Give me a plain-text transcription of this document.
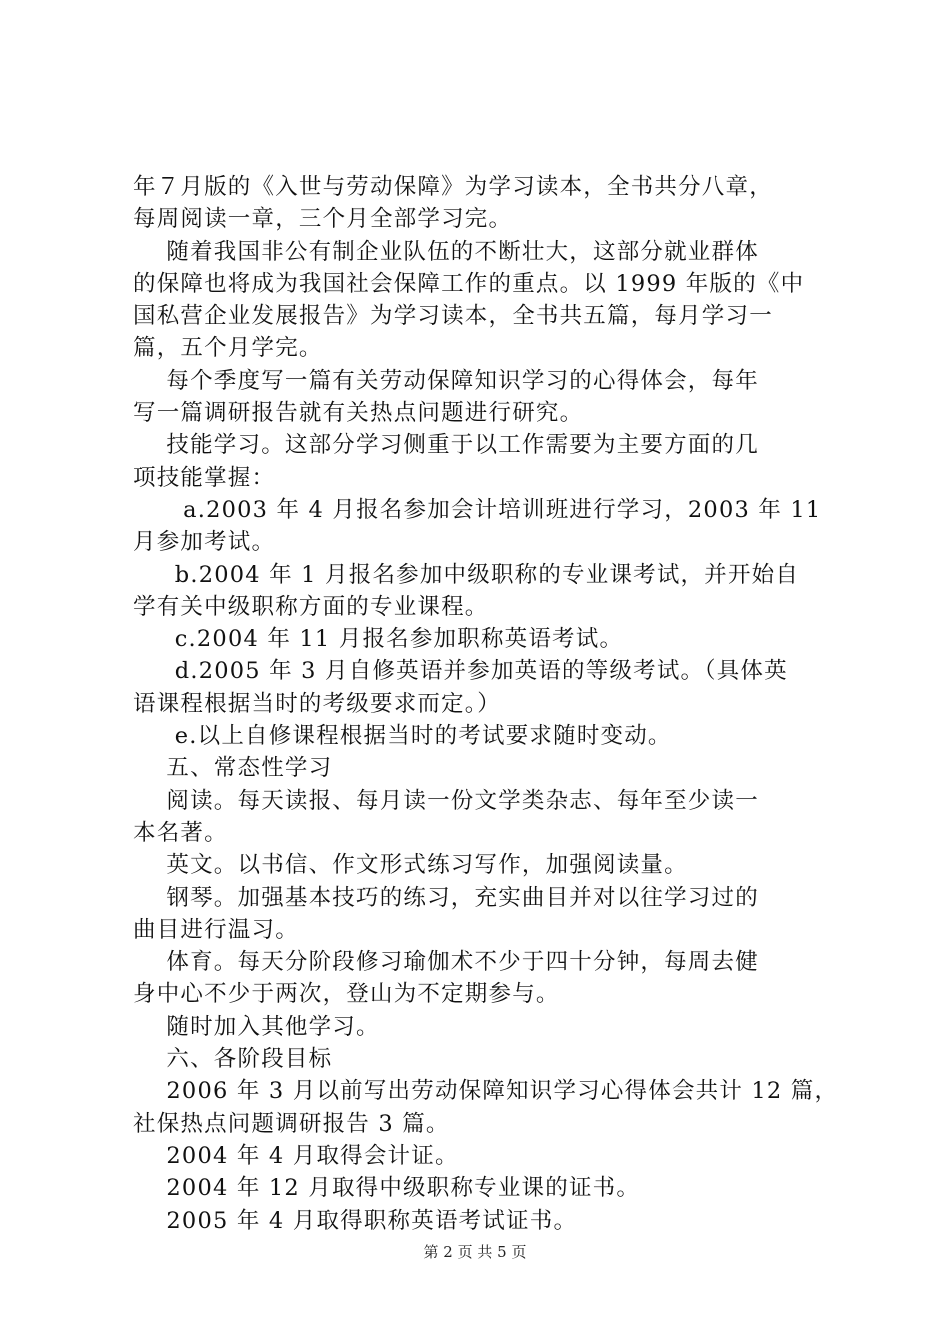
年７月版的《入世与劳动保障》为学习读本，全书共分八章，
每周阅读一章，三个月全部学习完。
随着我国非公有制企业队伍的不断壮大，这部分就业群体
的保障也将成为我国社会保障工作的重点。以 1999 年版的《中
国私营企业发展报告》为学习读本，全书共五篇，每月学习一
篇，五个月学完。
每个季度写一篇有关劳动保障知识学习的心得体会，每年
写一篇调研报告就有关热点问题进行研究。
技能学习。这部分学习侧重于以工作需要为主要方面的几
项技能掌握：
a.2003 年 4 月报名参加会计培训班进行学习，2003 年 11
月参加考试。
b.2004 年 1 月报名参加中级职称的专业课考试，并开始自
学有关中级职称方面的专业课程。
c.2004 年 11 月报名参加职称英语考试。
d.2005 年 3 月自修英语并参加英语的等级考试。（具体英
语课程根据当时的考级要求而定。）
e.以上自修课程根据当时的考试要求随时变动。
五、常态性学习
阅读。每天读报、每月读一份文学类杂志、每年至少读一
本名著。
英文。以书信、作文形式练习写作，加强阅读量。
钢琴。加强基本技巧的练习，充实曲目并对以往学习过的
曲目进行温习。
体育。每天分阶段修习瑜伽术不少于四十分钟，每周去健
身中心不少于两次，登山为不定期参与。
随时加入其他学习。
六、各阶段目标
2006 年 3 月以前写出劳动保障知识学习心得体会共计 12 篇，
社保热点问题调研报告 3 篇。
2004 年 4 月取得会计证。
2004 年 12 月取得中级职称专业课的证书。
2005 年 4 月取得职称英语考试证书。
第 2 页 共 5 页
